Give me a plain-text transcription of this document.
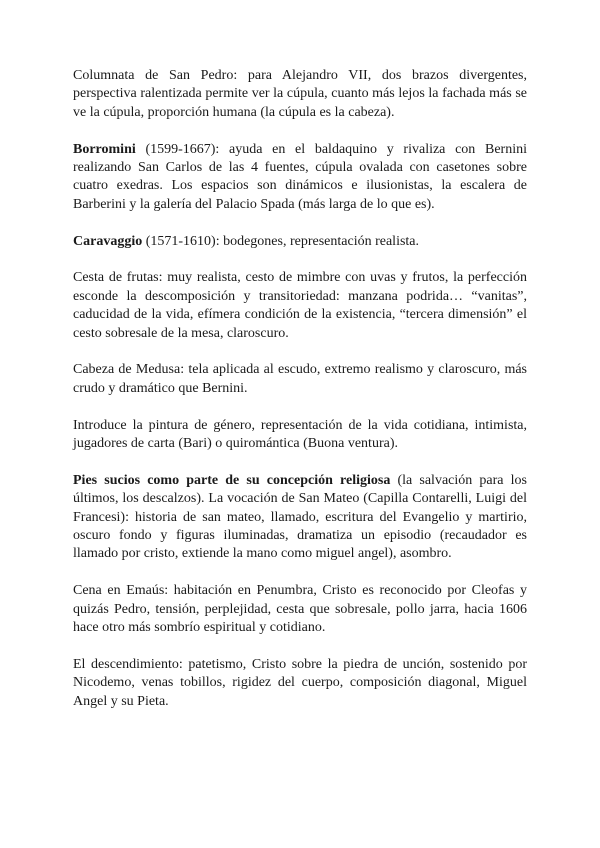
Columnata de San Pedro: para Alejandro VII, dos brazos divergentes, perspectiva ralentizada permite ver la cúpula, cuanto más lejos la fachada más se ve la cúpula, proporción humana (la cúpula es la cabeza).

Borromini (1599-1667): ayuda en el baldaquino y rivaliza con Bernini realizando San Carlos de las 4 fuentes, cúpula ovalada con casetones sobre cuatro exedras. Los espacios son dinámicos e ilusionistas, la escalera de Barberini y la galería del Palacio Spada (más larga de lo que es).

Caravaggio (1571-1610): bodegones, representación realista.

Cesta de frutas: muy realista, cesto de mimbre con uvas y frutos, la perfección esconde la descomposición y transitoriedad: manzana podrida… “vanitas”, caducidad de la vida, efímera condición de la existencia, “tercera dimensión” el cesto sobresale de la mesa, claroscuro.

Cabeza de Medusa: tela aplicada al escudo, extremo realismo y claroscuro, más crudo y dramático que Bernini.

Introduce la pintura de género, representación de la vida cotidiana, intimista, jugadores de carta (Bari) o quiromántica (Buona ventura).

Pies sucios como parte de su concepción religiosa (la salvación para los últimos, los descalzos). La vocación de San Mateo (Capilla Contarelli, Luigi del Francesi): historia de san mateo, llamado, escritura del Evangelio y martirio, oscuro fondo y figuras iluminadas, dramatiza un episodio (recaudador es llamado por cristo, extiende la mano como miguel angel), asombro.

Cena en Emaús: habitación en Penumbra, Cristo es reconocido por Cleofas y quizás Pedro, tensión, perplejidad, cesta que sobresale, pollo jarra, hacia 1606 hace otro más sombrío espiritual y cotidiano.

El descendimiento: patetismo, Cristo sobre la piedra de unción, sostenido por Nicodemo, venas tobillos, rigidez del cuerpo, composición diagonal, Miguel Angel y su Pieta.
